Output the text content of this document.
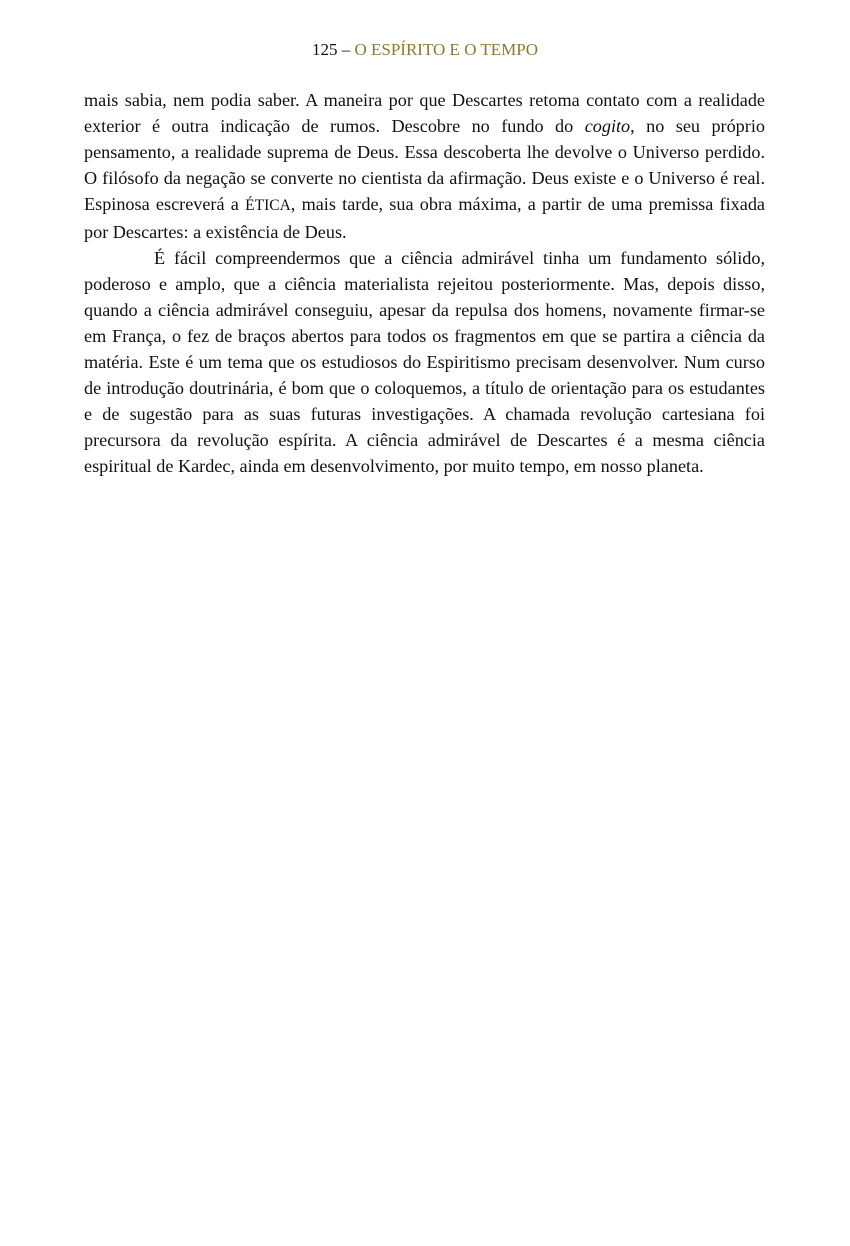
125 – O ESPÍRITO E O TEMPO

mais sabia, nem podia saber. A maneira por que Descartes retoma contato com a realidade exterior é outra indicação de rumos. Descobre no fundo do cogito, no seu próprio pensamento, a realidade suprema de Deus. Essa descoberta lhe devolve o Universo perdido. O filósofo da negação se converte no cientista da afirmação. Deus existe e o Universo é real. Espinosa escreverá a ÉTICA, mais tarde, sua obra máxima, a partir de uma premissa fixada por Descartes: a existência de Deus.

É fácil compreendermos que a ciência admirável tinha um fundamento sólido, poderoso e amplo, que a ciência materialista rejeitou posteriormente. Mas, depois disso, quando a ciência admirável conseguiu, apesar da repulsa dos homens, novamente firmar-se em França, o fez de braços abertos para todos os fragmentos em que se partira a ciência da matéria. Este é um tema que os estudiosos do Espiritismo precisam desenvolver. Num curso de introdução doutrinária, é bom que o coloquemos, a título de orientação para os estudantes e de sugestão para as suas futuras investigações. A chamada revolução cartesiana foi precursora da revolução espírita. A ciência admirável de Descartes é a mesma ciência espiritual de Kardec, ainda em desenvolvimento, por muito tempo, em nosso planeta.
